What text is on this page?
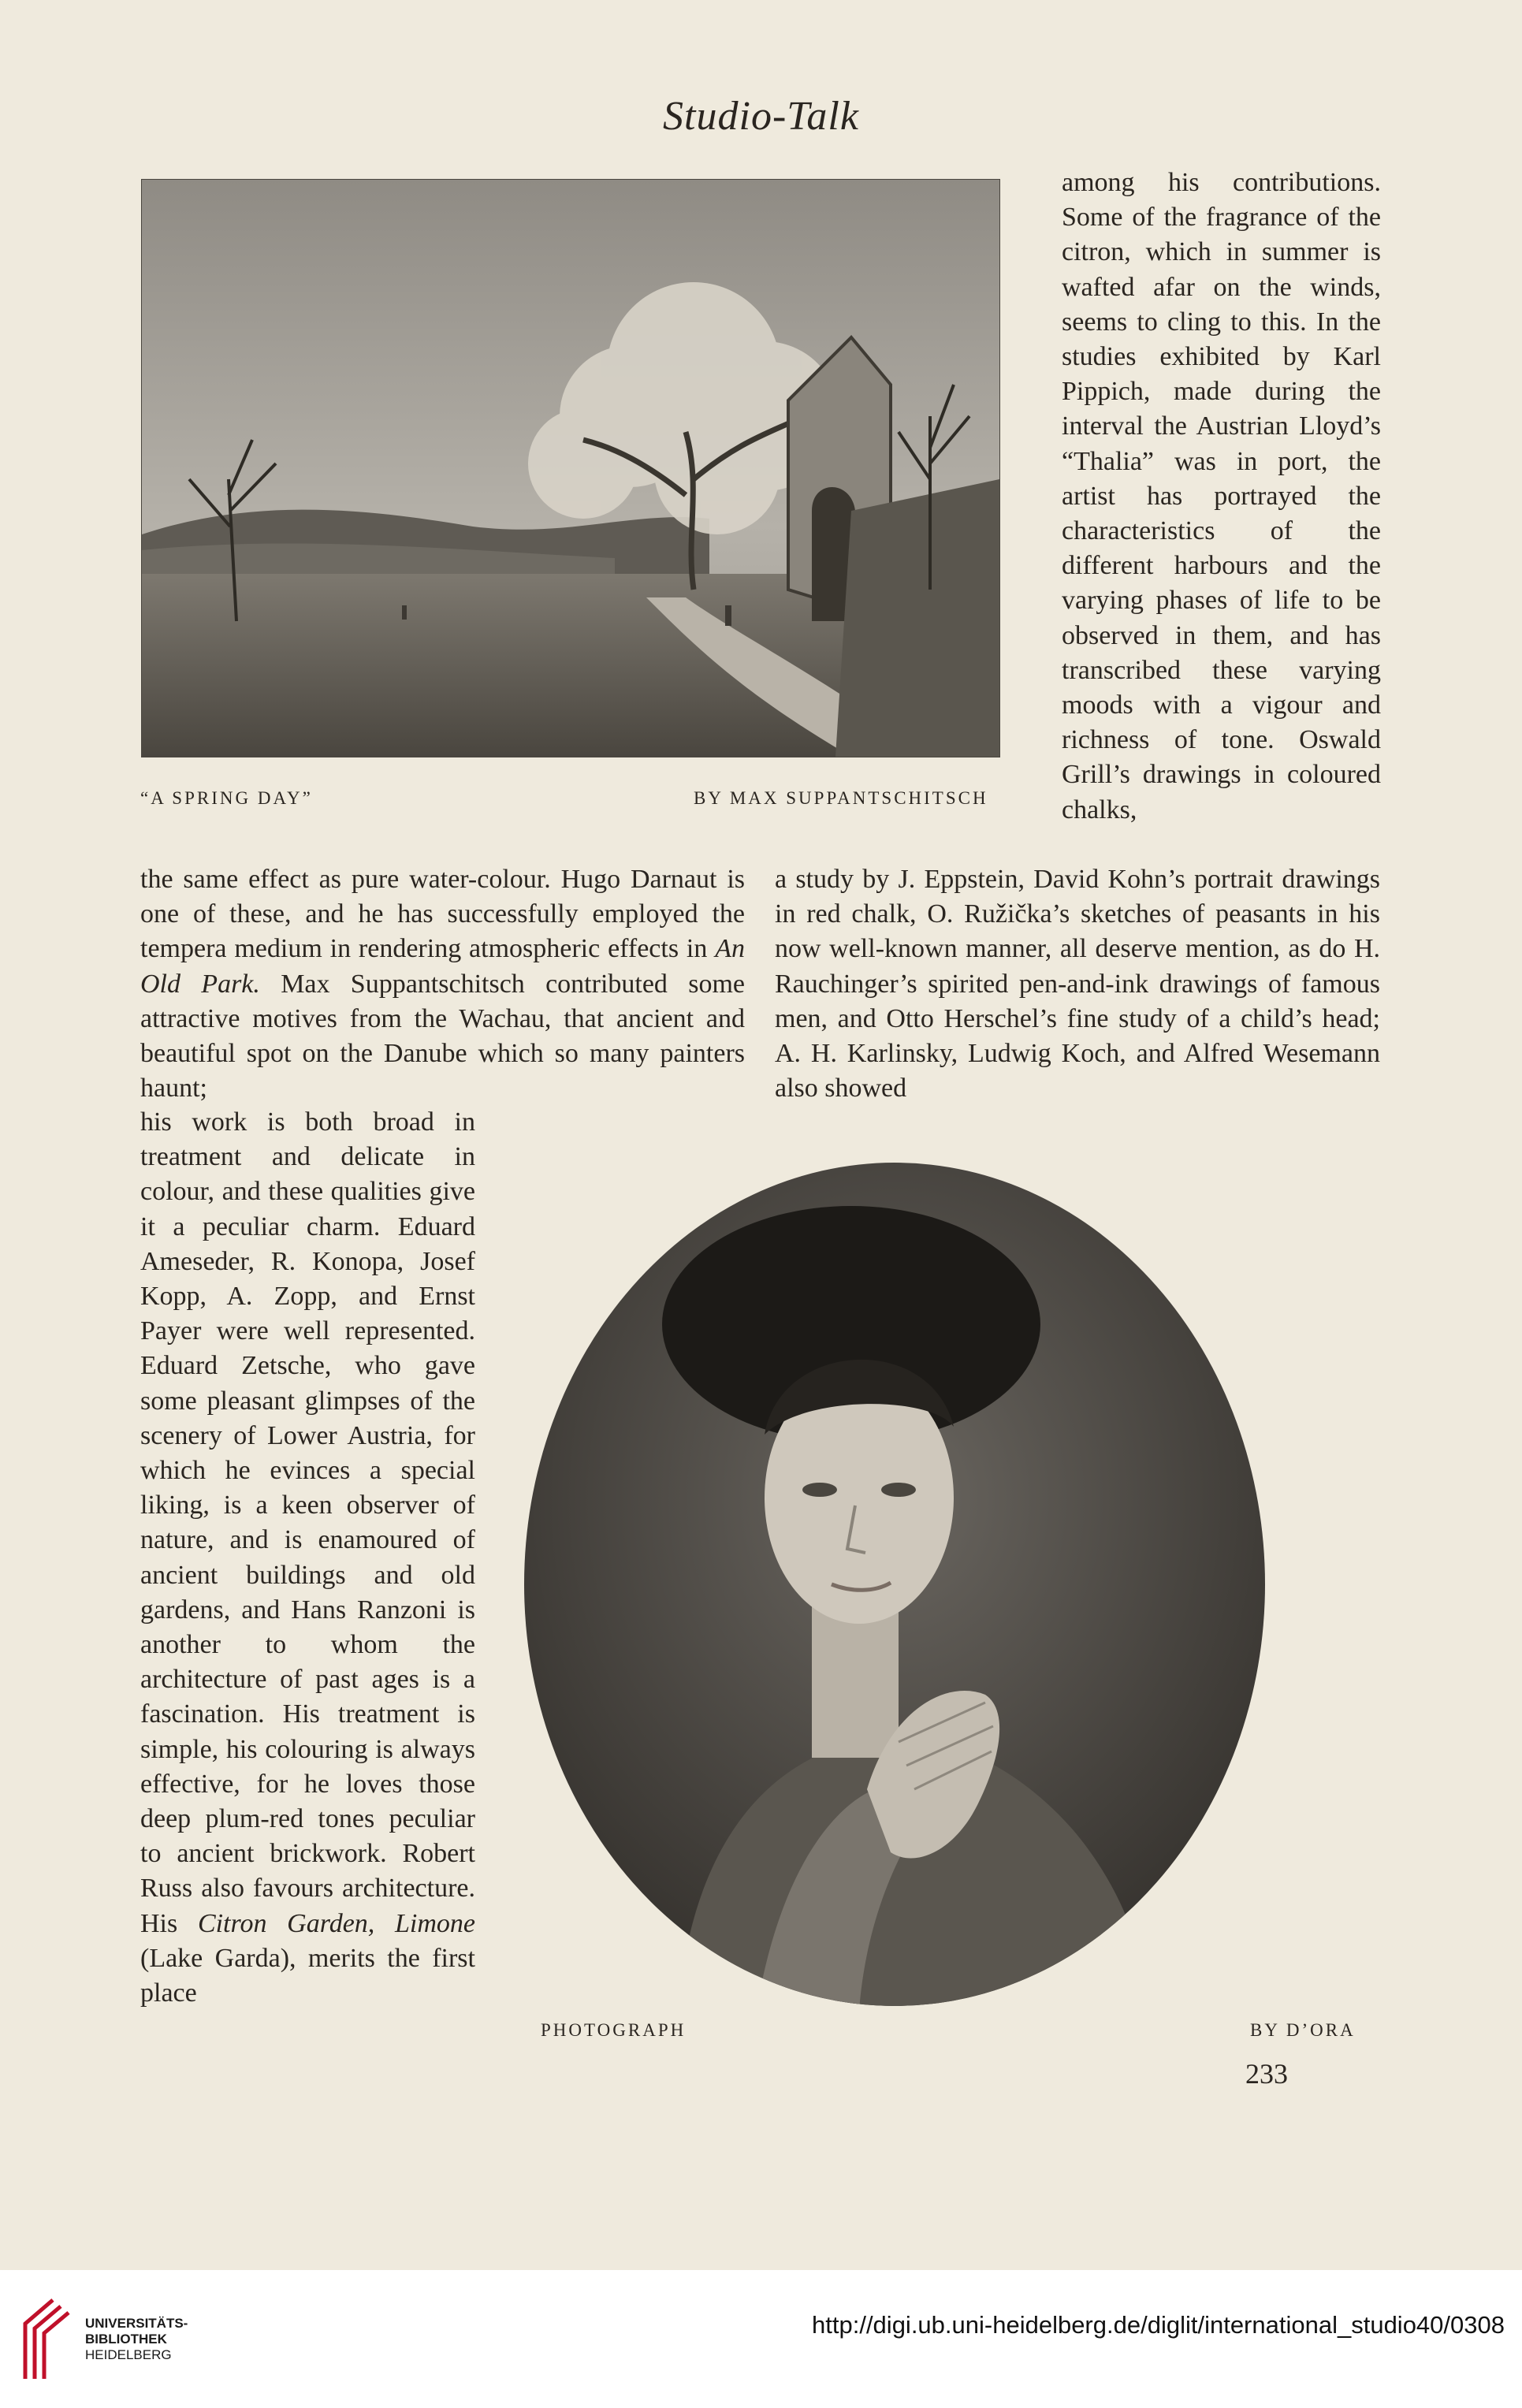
Studio-Talk
“A SPRING DAY”	BY MAX SUPPANTSCHITSCH

among his contributions. Some of the fragrance of the citron, which in summer is wafted afar on the winds, seems to cling to this. In the studies exhibited by Karl Pippich, made during the interval the Austrian Lloyd’s “Thalia” was in port, the artist has portrayed the characteristics of the different harbours and the varying phases of life to be observed in them, and has transcribed these varying moods with a vigour and richness of tone. Oswald Grill’s drawings in coloured chalks,

the same effect as pure water-colour. Hugo Darnaut is one of these, and he has successfully employed the tempera medium in rendering atmospheric effects in An Old Park. Max Suppantschitsch contributed some attractive motives from the Wachau, that ancient and beautiful spot on the Danube which so many painters haunt;

a study by J. Eppstein, David Kohn’s portrait drawings in red chalk, O. Ružička’s sketches of peasants in his now well-known manner, all deserve mention, as do H. Rauchinger’s spirited pen-and-ink drawings of famous men, and Otto Herschel’s fine study of a child’s head; A. H. Karlinsky, Ludwig Koch, and Alfred Wesemann also showed

his work is both broad in treatment and delicate in colour, and these qualities give it a peculiar charm. Eduard Ameseder, R. Konopa, Josef Kopp, A. Zopp, and Ernst Payer were well represented. Eduard Zetsche, who gave some pleasant glimpses of the scenery of Lower Austria, for which he evinces a special liking, is a keen observer of nature, and is enamoured of ancient buildings and old gardens, and Hans Ranzoni is another to whom the architecture of past ages is a fascination. His treatment is simple, his colouring is always effective, for he loves those deep plum-red tones peculiar to ancient brickwork. Robert Russ also favours architecture. His Citron Garden, Limone (Lake Garda), merits the first place

PHOTOGRAPH	BY D’ORA
233
UNIVERSITÄTS-
BIBLIOTHEK
HEIDELBERG
http://digi.ub.uni-heidelberg.de/diglit/international_studio40/0308
